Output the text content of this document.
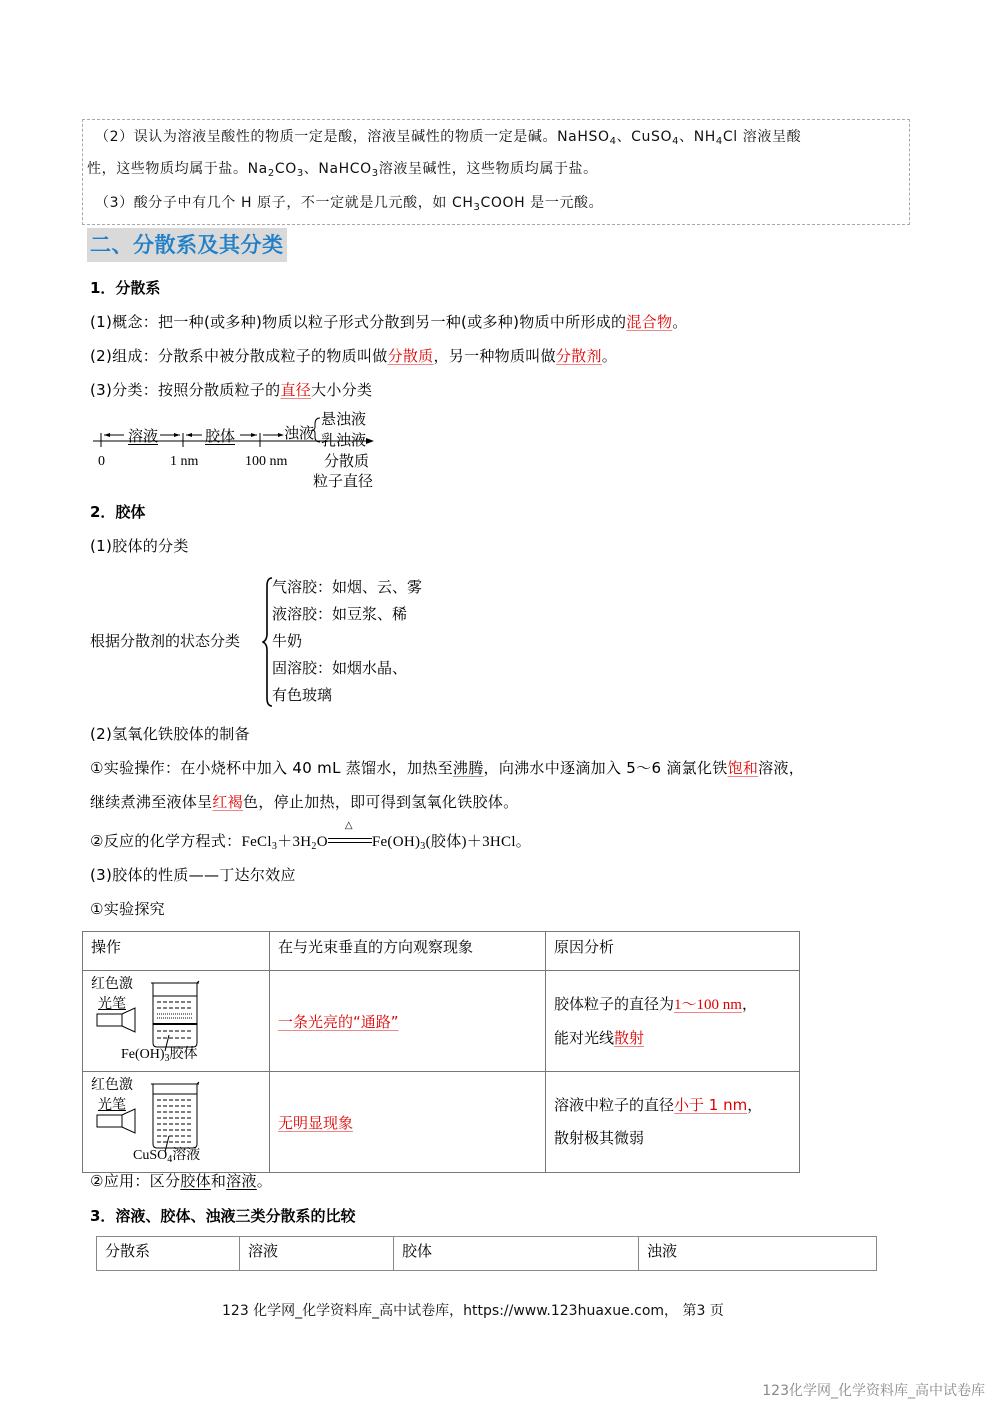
（2）误认为溶液呈酸性的物质一定是酸，溶液呈碱性的物质一定是碱。NaHSO$_4$、CuSO$_4$、$NH_4Cl$ 溶液呈酸
性，这些物质均属于盐。$Na_2CO_3$、NaHCO$_3$溶液呈碱性，这些物质均属于盐。
（3）酸分子中有几个 H 原子，不一定就是几元酸，如 $CH_3COOH$ 是一元酸。
二、分散系及其分类
1．分散系
(1)概念：把一种(或多种)物质以粒子形式分散到另一种(或多种)物质中所形成的混合物。
(2)组成：分散系中被分散成粒子的物质叫做分散质，另一种物质叫做分散剂。
(3)分类：按照分散质粒子的直径大小分类
溶液	胶体	浊液
悬浊液
乳浊液
0	1 nm	100 nm 分散质
粒子直径
2．胶体
(1)胶体的分类
根据分散剂的状态分类
气溶胶：如烟、云、雾
液溶胶：如豆浆、稀
牛奶
固溶胶：如烟水晶、
有色玻璃
(2)氢氧化铁胶体的制备
①实验操作：在小烧杯中加入 40 mL 蒸馏水，加热至沸腾，向沸水中逐滴加入 5～6 滴氯化铁饱和溶液，
继续煮沸至液体呈红褐色，停止加热，即可得到氢氧化铁胶体。
②反应的化学方程式：$FeCl_3+3H_2O$
△
$Fe(OH)_3$(胶体)＋3HCl。
(3)胶体的性质——丁达尔效应
①实验探究
操作	在与光束垂直的方向观察现象	原因分析

红色激
光笔
$Fe(OH)_3$胶体	一条光亮的“通路”	胶体粒子的直径为1～100 nm，
能对光线散射

红色激
光笔
CuSO$_4$溶液	无明显现象	溶液中粒子的直径小于 1 nm，
散射极其微弱
②应用：区分胶体和溶液。
3．溶液、胶体、浊液三类分散系的比较
分散系	溶液	胶体	浊液
123 化学网_化学资料库_高中试卷库，https://www.123huaxue.com， 第3 页
123化学网_化学资料库_高中试卷库
